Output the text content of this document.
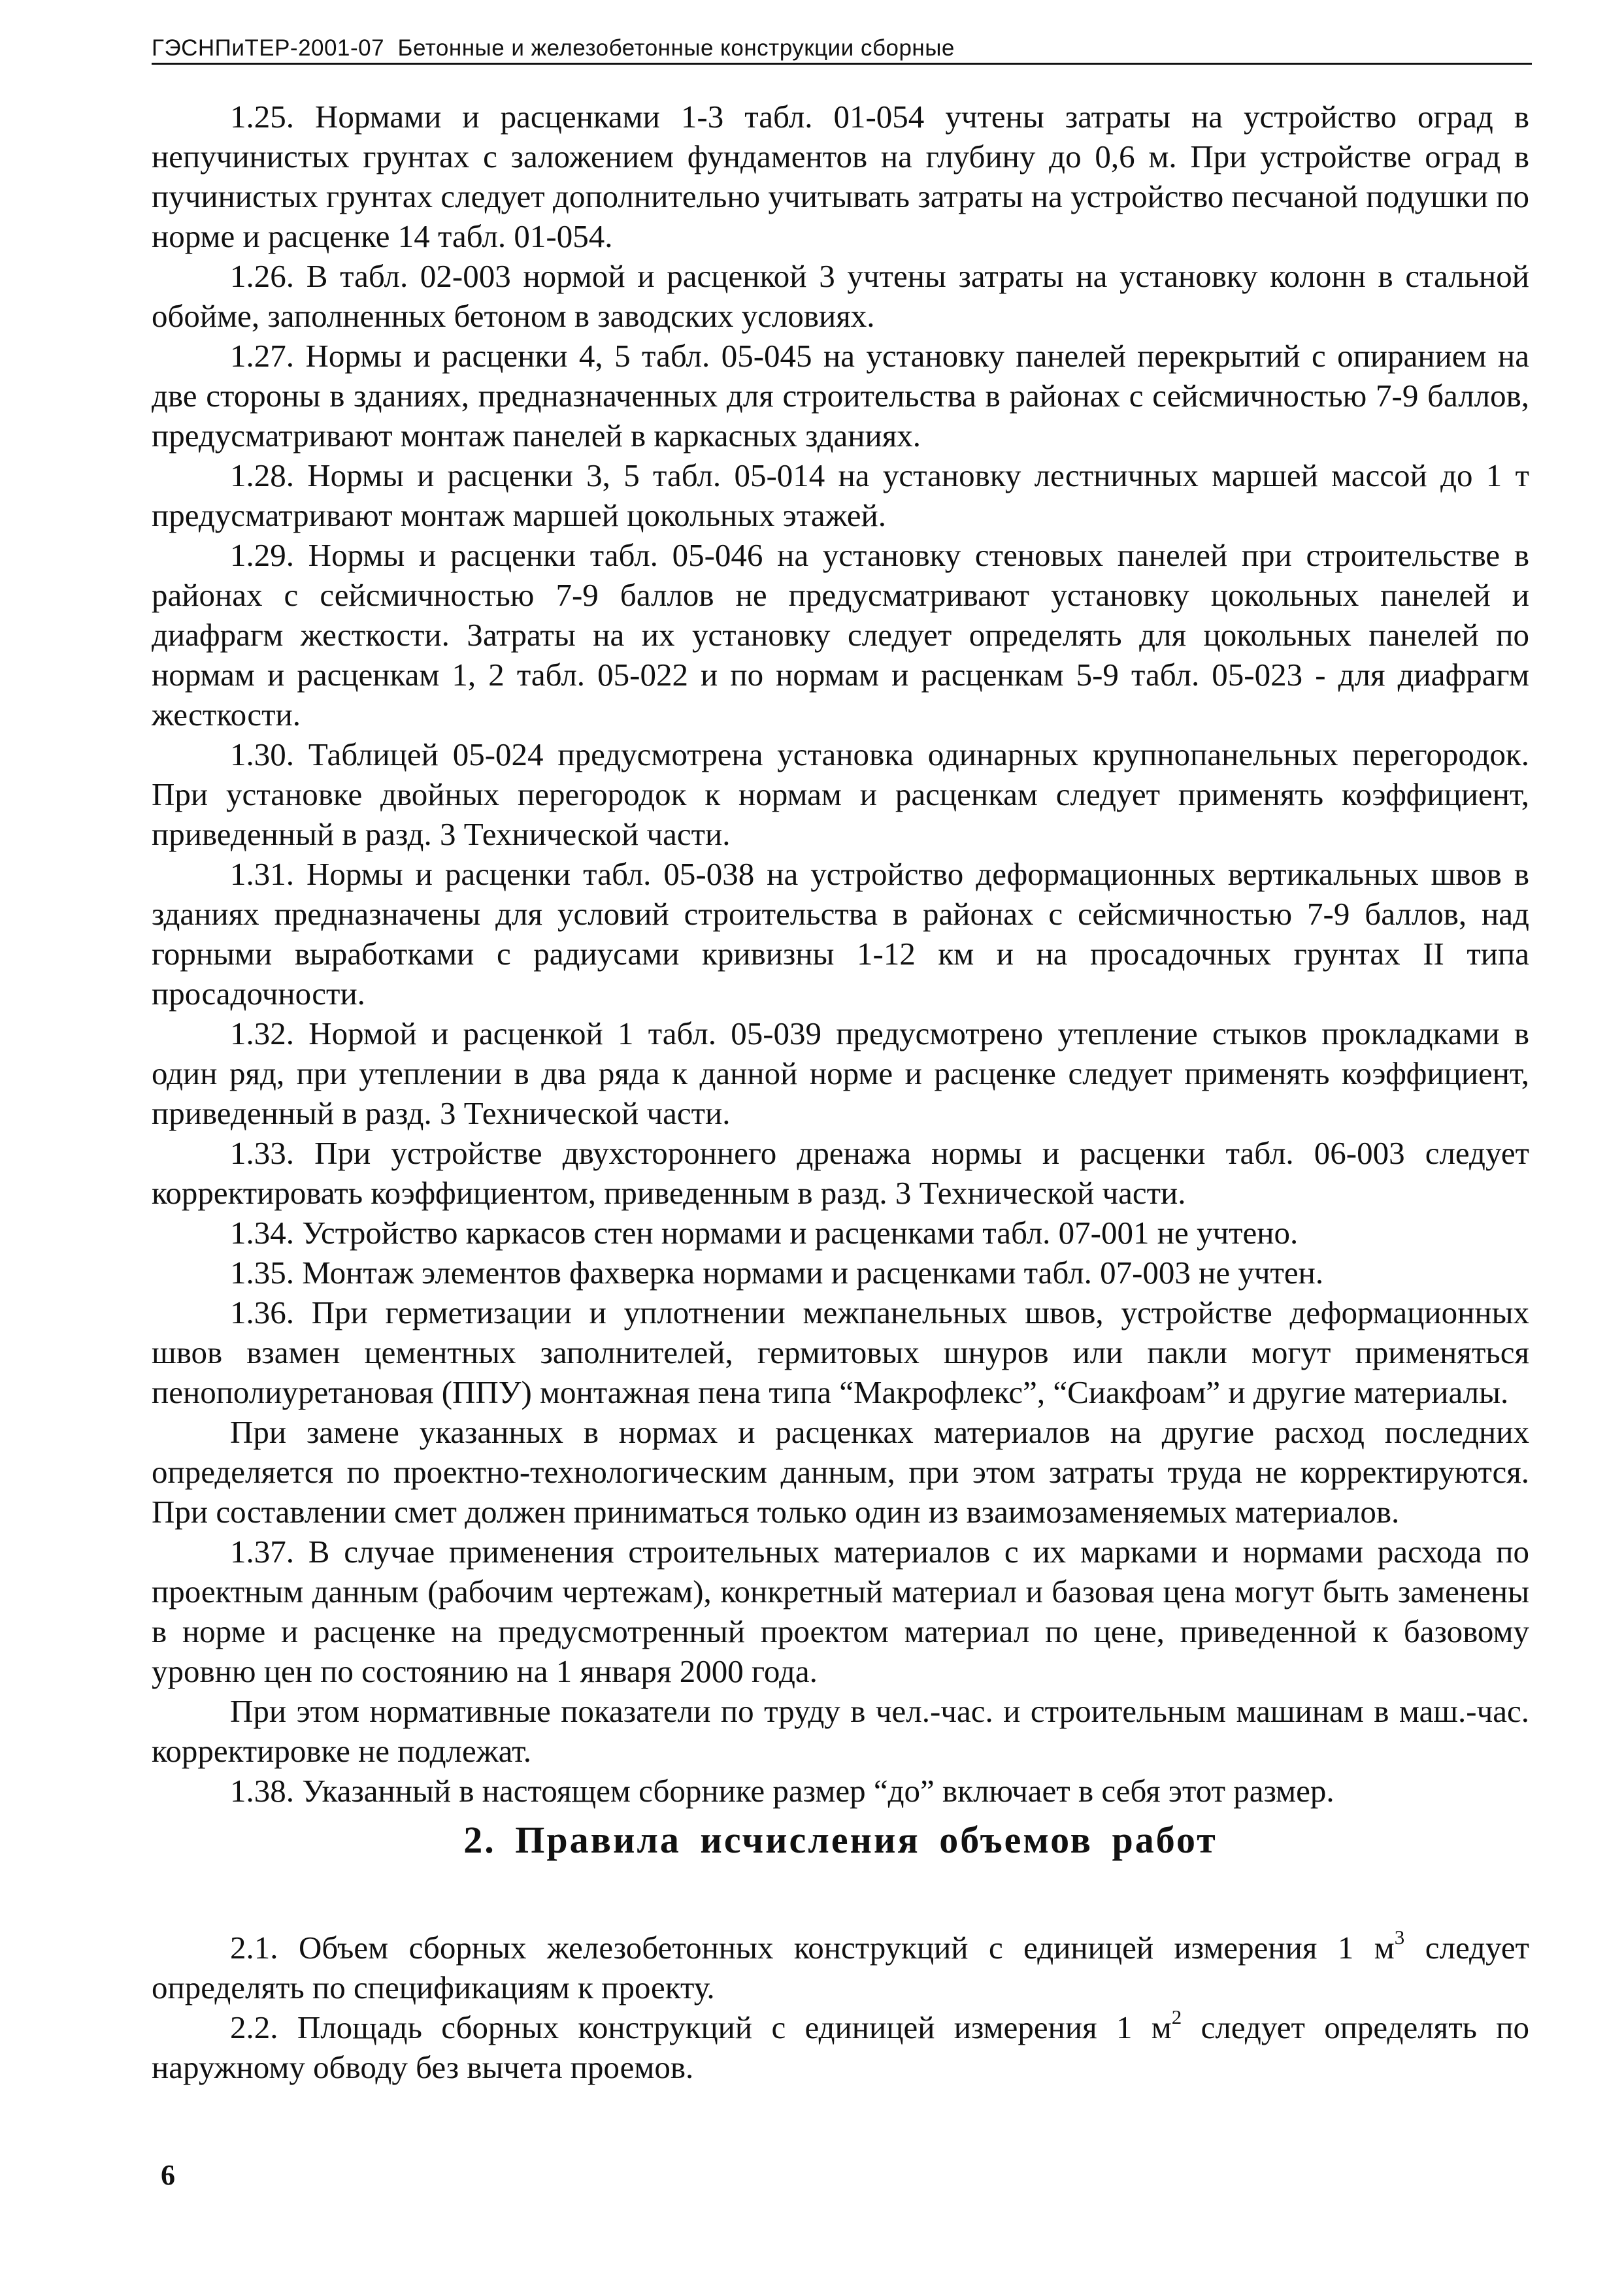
ГЭСНПиТЕР-2001-07 Бетонные и железобетонные конструкции сборные

1.25. Нормами и расценками 1-3 табл. 01-054 учтены затраты на устройство оград в непучинистых грунтах с заложением фундаментов на глубину до 0,6 м. При устройстве оград в пучинистых грунтах следует дополнительно учитывать затраты на устройство песчаной подушки по норме и расценке 14 табл. 01-054.

1.26. В табл. 02-003 нормой и расценкой 3 учтены затраты на установку колонн в стальной обойме, заполненных бетоном в заводских условиях.

1.27. Нормы и расценки 4, 5 табл. 05-045 на установку панелей перекрытий с опиранием на две стороны в зданиях, предназначенных для строительства в районах с сейсмичностью 7-9 баллов, предусматривают монтаж панелей в каркасных зданиях.

1.28. Нормы и расценки 3, 5 табл. 05-014 на установку лестничных маршей массой до 1 т предусматривают монтаж маршей цокольных этажей.

1.29. Нормы и расценки табл. 05-046 на установку стеновых панелей при строительстве в районах с сейсмичностью 7-9 баллов не предусматривают установку цокольных панелей и диафрагм жесткости. Затраты на их установку следует определять для цокольных панелей по нормам и расценкам 1, 2 табл. 05-022 и по нормам и расценкам 5-9 табл. 05-023 - для диафрагм жесткости.

1.30. Таблицей 05-024 предусмотрена установка одинарных крупнопанельных перегородок. При установке двойных перегородок к нормам и расценкам следует применять коэффициент, приведенный в разд. 3 Технической части.

1.31. Нормы и расценки табл. 05-038 на устройство деформационных вертикальных швов в зданиях предназначены для условий строительства в районах с сейсмичностью 7-9 баллов, над горными выработками с радиусами кривизны 1-12 км и на просадочных грунтах II типа просадочности.

1.32. Нормой и расценкой 1 табл. 05-039 предусмотрено утепление стыков прокладками в один ряд, при утеплении в два ряда к данной норме и расценке следует применять коэффициент, приведенный в разд. 3 Технической части.

1.33. При устройстве двухстороннего дренажа нормы и расценки табл. 06-003 следует корректировать коэффициентом, приведенным в разд. 3 Технической части.

1.34. Устройство каркасов стен нормами и расценками табл. 07-001 не учтено.

1.35. Монтаж элементов фахверка нормами и расценками табл. 07-003 не учтен.

1.36. При герметизации и уплотнении межпанельных швов, устройстве деформационных швов взамен цементных заполнителей, гермитовых шнуров или пакли могут применяться пенополиуретановая (ППУ) монтажная пена типа “Макрофлекс”, “Сиакфоам” и другие материалы.

При замене указанных в нормах и расценках материалов на другие расход последних определяется по проектно-технологическим данным, при этом затраты труда не корректируются. При составлении смет должен приниматься только один из взаимозаменяемых материалов.

1.37. В случае применения строительных материалов с их марками и нормами расхода по проектным данным (рабочим чертежам), конкретный материал и базовая цена могут быть заменены в норме и расценке на предусмотренный проектом материал по цене, приведенной к базовому уровню цен по состоянию на 1 января 2000 года.

При этом нормативные показатели по труду в чел.-час. и строительным машинам в маш.-час. корректировке не подлежат.

1.38. Указанный в настоящем сборнике размер “до” включает в себя этот размер.

2. Правила исчисления объемов работ

2.1. Объем сборных железобетонных конструкций с единицей измерения 1 $м^3$ следует определять по спецификациям к проекту.

2.2. Площадь сборных конструкций с единицей измерения 1 $м^2$ следует определять по наружному обводу без вычета проемов.

6
